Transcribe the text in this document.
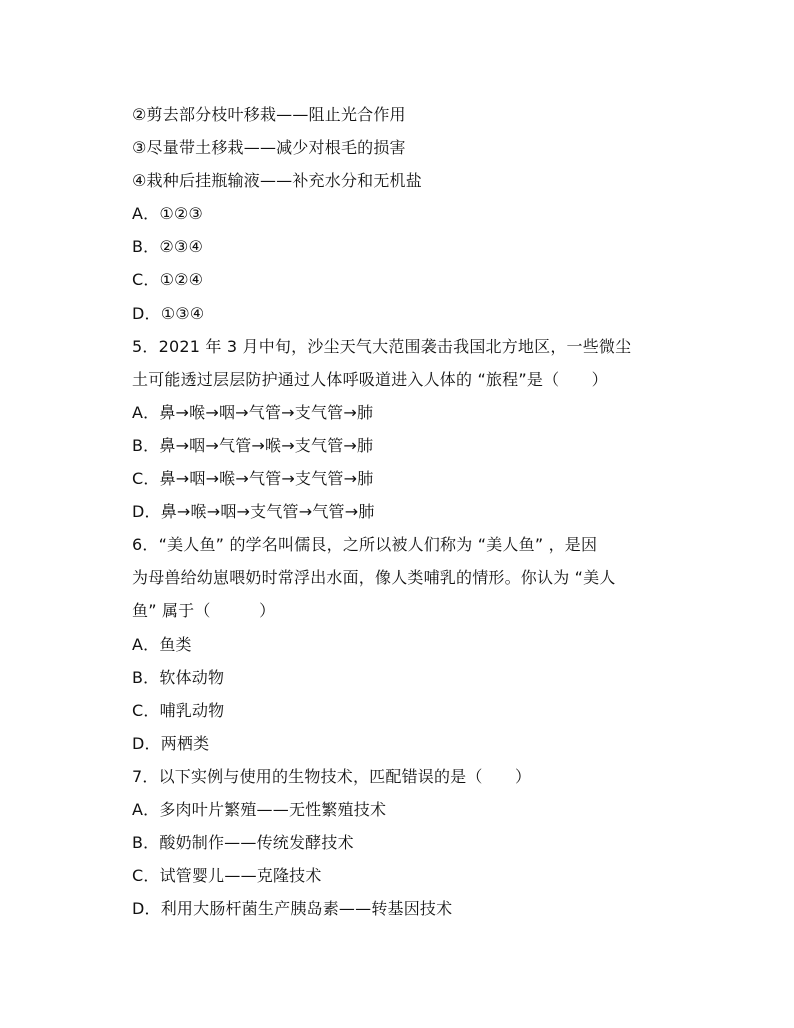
②剪去部分枝叶移栽——阻止光合作用
③尽量带土移栽——减少对根毛的损害
④栽种后挂瓶输液——补充水分和无机盐
A．①②③
B．②③④
C．①②④
D．①③④
5．2021 年 3 月中旬，沙尘天气大范围袭击我国北方地区，一些微尘
土可能透过层层防护通过人体呼吸道进入人体的 “旅程”是（　　）
A．鼻→喉→咽→气管→支气管→肺
B．鼻→咽→气管→喉→支气管→肺
C．鼻→咽→喉→气管→支气管→肺
D．鼻→喉→咽→支气管→气管→肺
6．“美人鱼” 的学名叫儒艮，之所以被人们称为 “美人鱼” ，是因
为母兽给幼崽喂奶时常浮出水面，像人类哺乳的情形。你认为 “美人
鱼” 属于（　　　）
A．鱼类
B．软体动物
C．哺乳动物
D．两栖类
7．以下实例与使用的生物技术，匹配错误的是（　　）
A．多肉叶片繁殖——无性繁殖技术
B．酸奶制作——传统发酵技术
C．试管婴儿——克隆技术
D．利用大肠杆菌生产胰岛素——转基因技术
